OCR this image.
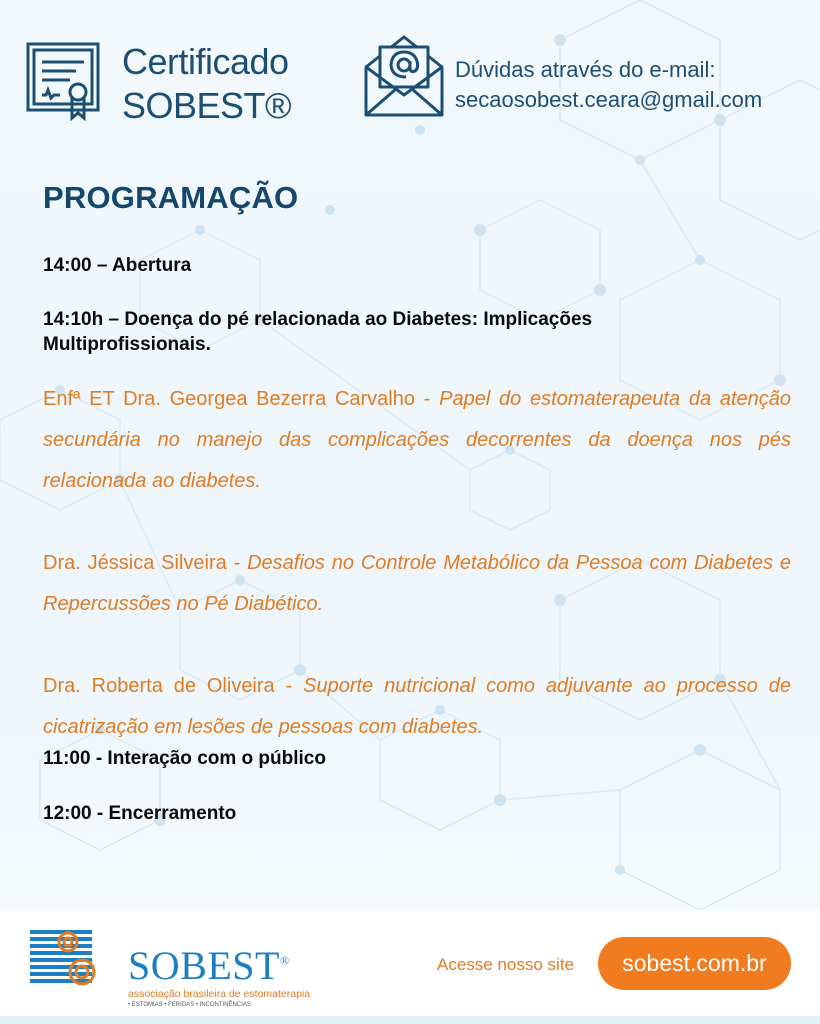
Certificado
SOBEST®
Dúvidas através do e-mail:
secaosobest.ceara@gmail.com
PROGRAMAÇÃO
14:00 – Abertura
14:10h – Doença do pé relacionada ao Diabetes: Implicações
Multiprofissionais.

Enfª ET Dra. Georgea Bezerra Carvalho - Papel do estomaterapeuta da atenção secundária no manejo das complicações decorrentes da doença nos pés relacionada ao diabetes.

Dra. Jéssica Silveira - Desafios no Controle Metabólico da Pessoa com Diabetes e Repercussões no Pé Diabético.

Dra. Roberta de Oliveira - Suporte nutricional como adjuvante ao processo de cicatrização em lesões de pessoas com diabetes.

11:00 - Interação com o público
12:00 - Encerramento
SOBEST®
associação brasileira de estomaterapia
• ESTOMIAS • FERIDAS • INCONTINÊNCIAS
Acesse nosso site	sobest.com.br
